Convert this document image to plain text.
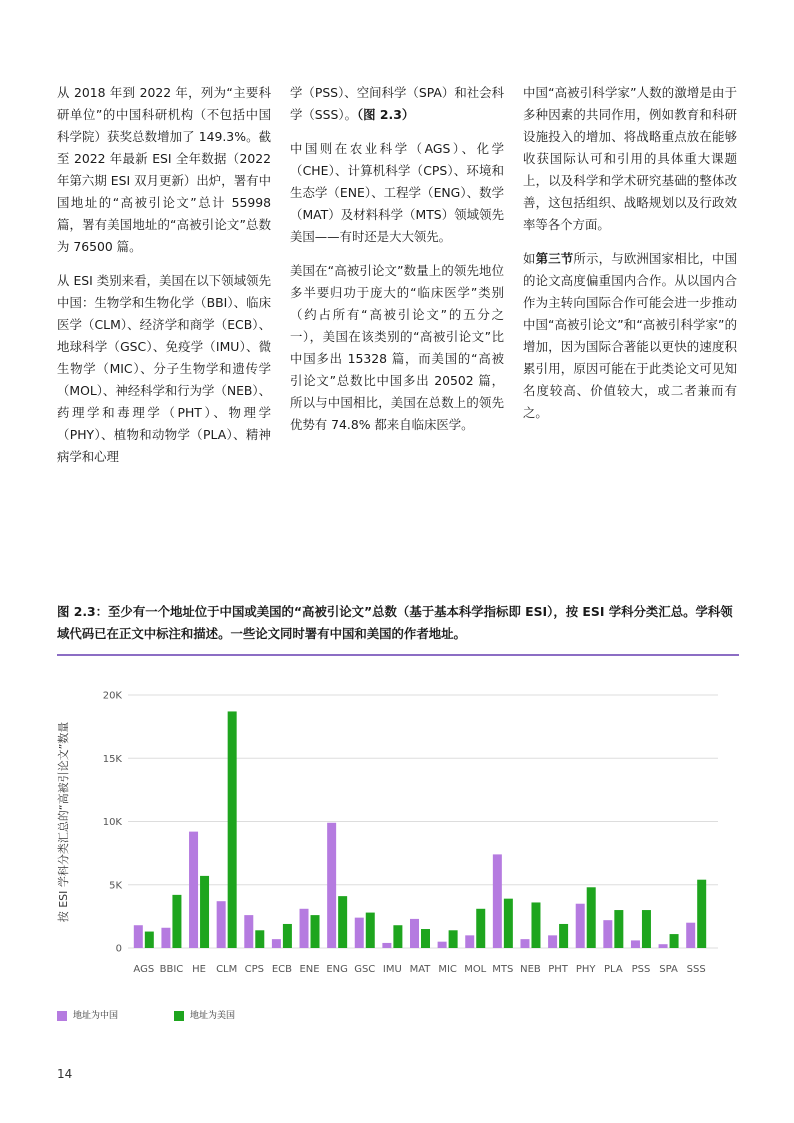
从 2018 年到 2022 年，列为“主要科研单位”的中国科研机构（不包括中国科学院）获奖总数增加了 149.3%。截至 2022 年最新 ESI 全年数据（2022 年第六期 ESI 双月更新）出炉，署有中国地址的“高被引论文”总计 55998 篇，署有美国地址的“高被引论文”总数为 76500 篇。

从 ESI 类别来看，美国在以下领域领先中国：生物学和生物化学（BBI）、临床医学（CLM）、经济学和商学（ECB）、地球科学（GSC）、免疫学（IMU）、微生物学（MIC）、分子生物学和遗传学（MOL）、神经科学和行为学（NEB）、药理学和毒理学（PHT）、物理学（PHY）、植物和动物学（PLA）、精神病学和心理

学（PSS）、空间科学（SPA）和社会科学（SSS）。（图 2.3）

中国则在农业科学（AGS）、化学（CHE）、计算机科学（CPS）、环境和生态学（ENE）、工程学（ENG）、数学（MAT）及材料科学（MTS）领域领先美国——有时还是大大领先。

美国在“高被引论文”数量上的领先地位多半要归功于庞大的“临床医学”类别（约占所有“高被引论文”的五分之一），美国在该类别的“高被引论文”比中国多出 15328 篇，而美国的“高被引论文”总数比中国多出 20502 篇，所以与中国相比，美国在总数上的领先优势有 74.8% 都来自临床医学。

中国“高被引科学家”人数的激增是由于多种因素的共同作用，例如教育和科研设施投入的增加、将战略重点放在能够收获国际认可和引用的具体重大课题上，以及科学和学术研究基础的整体改善，这包括组织、战略规划以及行政效率等各个方面。

如第三节所示，与欧洲国家相比，中国的论文高度偏重国内合作。从以国内合作为主转向国际合作可能会进一步推动中国“高被引论文”和“高被引科学家”的增加，因为国际合著能以更快的速度积累引用，原因可能在于此类论文可见知名度较高、价值较大，或二者兼而有之。

图 2.3：至少有一个地址位于中国或美国的“高被引论文”总数（基于基本科学指标即 ESI），按 ESI 学科分类汇总。学科领域代码已在正文中标注和描述。一些论文同时署有中国和美国的作者地址。
按 ESI 学科分类汇总的“高被引论文”数量
0
5K
10K
15K
20K
AGS BBIC HE CLM CPS ECB ENE ENG GSC IMU MAT MIC MOL MTS NEB PHT PHY PLA PSS SPA SSS
地址为中国	地址为美国
14
